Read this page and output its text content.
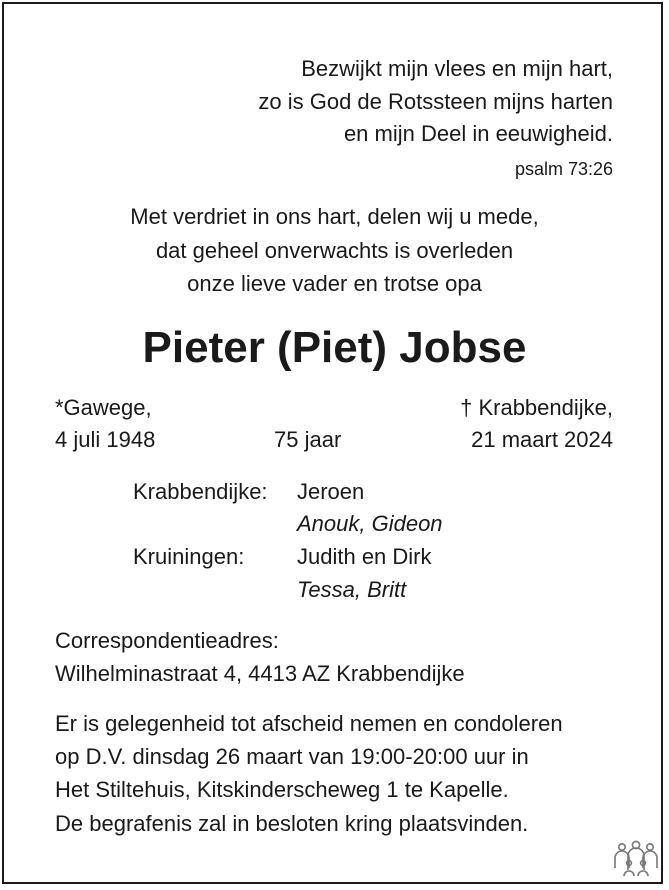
Bezwijkt mijn vlees en mijn hart,
zo is God de Rotssteen mijns harten
en mijn Deel in eeuwigheid.
psalm 73:26
Met verdriet in ons hart, delen wij u mede,
dat geheel onverwachts is overleden
onze lieve vader en trotse opa
Pieter (Piet) Jobse
*Gawege,
4 juli 1948	75 jaar
† Krabbendijke,
21 maart 2024
Krabbendijke: Jeroen
Anouk, Gideon
Kruiningen: Judith en Dirk
Tessa, Britt
Correspondentieadres:
Wilhelminastraat 4, 4413 AZ Krabbendijke
Er is gelegenheid tot afscheid nemen en condoleren
op D.V. dinsdag 26 maart van 19:00-20:00 uur in
Het Stiltehuis, Kitskinderscheweg 1 te Kapelle.
De begrafenis zal in besloten kring plaatsvinden.
